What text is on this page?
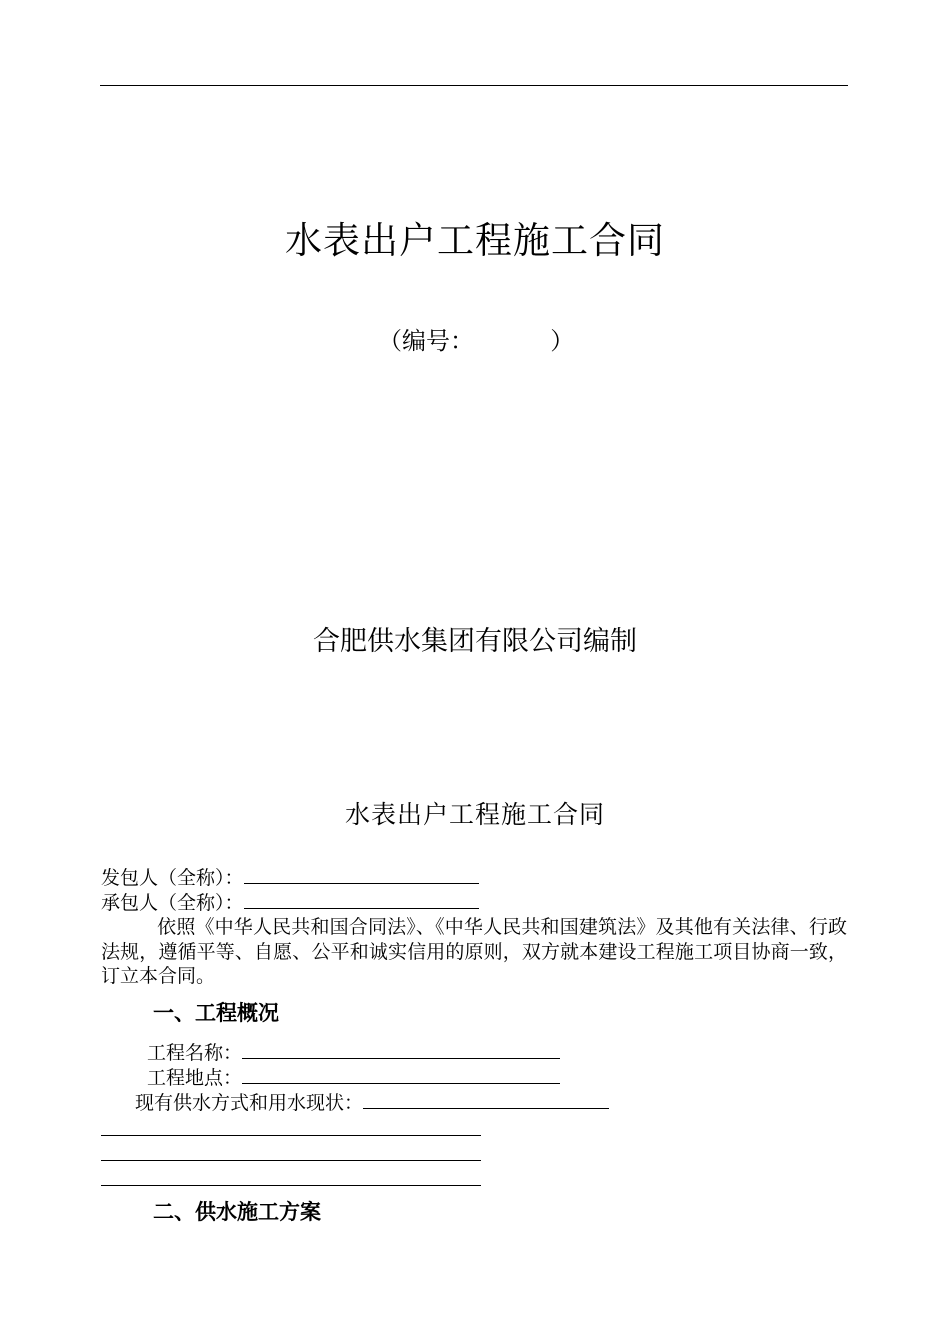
水表出户工程施工合同
（编号：          ）
合肥供水集团有限公司编制
水表出户工程施工合同
发包人（全称）：
承包人（全称）：
依照《中华人民共和国合同法》、《中华人民共和国建筑法》及其他有关法律、行政法规，遵循平等、自愿、公平和诚实信用的原则，双方就本建设工程施工项目协商一致，订立本合同。
一、工程概况
工程名称：
工程地点：
现有供水方式和用水现状：
二、供水施工方案
